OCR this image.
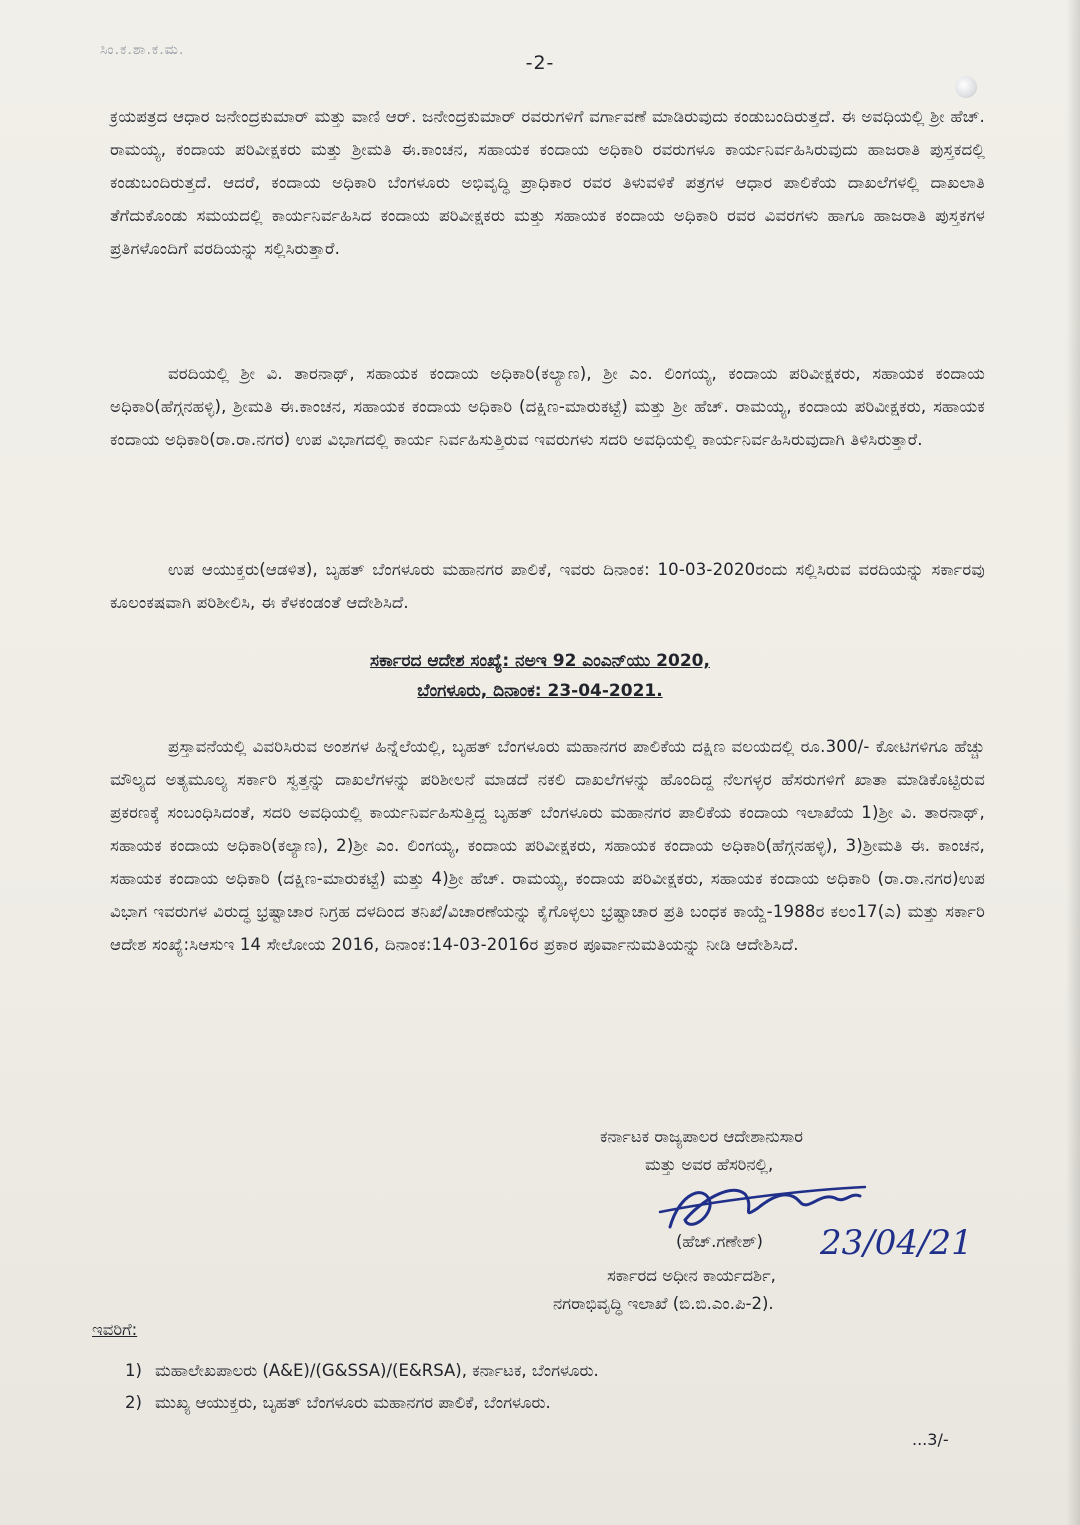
ಸಿಂ.ಕ.ಶಾ.ಕ.ಮ.
-2-

ಕ್ರಯಪತ್ರದ ಆಧಾರ ಜನೇಂದ್ರಕುಮಾರ್ ಮತ್ತು ವಾಣಿ ಆರ್. ಜನೇಂದ್ರಕುಮಾರ್ ರವರುಗಳಿಗೆ ವರ್ಗಾವಣೆ ಮಾಡಿರುವುದು ಕಂಡುಬಂದಿರುತ್ತದೆ. ಈ ಅವಧಿಯಲ್ಲಿ ಶ್ರೀ ಹೆಚ್. ರಾಮಯ್ಯ, ಕಂದಾಯ ಪರಿವೀಕ್ಷಕರು ಮತ್ತು ಶ್ರೀಮತಿ ಈ.ಕಾಂಚನ, ಸಹಾಯಕ ಕಂದಾಯ ಅಧಿಕಾರಿ ರವರುಗಳೂ ಕಾರ್ಯನಿರ್ವಹಿಸಿರುವುದು ಹಾಜರಾತಿ ಪುಸ್ತಕದಲ್ಲಿ ಕಂಡುಬಂದಿರುತ್ತದೆ. ಆದರೆ, ಕಂದಾಯ ಅಧಿಕಾರಿ ಬೆಂಗಳೂರು ಅಭಿವೃದ್ಧಿ ಪ್ರಾಧಿಕಾರ ರವರ ತಿಳುವಳಿಕೆ ಪತ್ರಗಳ ಆಧಾರ ಪಾಲಿಕೆಯ ದಾಖಲೆಗಳಲ್ಲಿ ದಾಖಲಾತಿ ತೆಗೆದುಕೊಂಡು ಸಮಯದಲ್ಲಿ ಕಾರ್ಯನಿರ್ವಹಿಸಿದ ಕಂದಾಯ ಪರಿವೀಕ್ಷಕರು ಮತ್ತು ಸಹಾಯಕ ಕಂದಾಯ ಅಧಿಕಾರಿ ರವರ ವಿವರಗಳು ಹಾಗೂ ಹಾಜರಾತಿ ಪುಸ್ತಕಗಳ ಪ್ರತಿಗಳೊಂದಿಗೆ ವರದಿಯನ್ನು ಸಲ್ಲಿಸಿರುತ್ತಾರೆ.

ವರದಿಯಲ್ಲಿ ಶ್ರೀ ವಿ. ತಾರನಾಥ್, ಸಹಾಯಕ ಕಂದಾಯ ಅಧಿಕಾರಿ(ಕಲ್ಯಾಣ), ಶ್ರೀ ಎಂ. ಲಿಂಗಯ್ಯ, ಕಂದಾಯ ಪರಿವೀಕ್ಷಕರು, ಸಹಾಯಕ ಕಂದಾಯ ಅಧಿಕಾರಿ(ಹೆಗ್ಗನಹಳ್ಳಿ), ಶ್ರೀಮತಿ ಈ.ಕಾಂಚನ, ಸಹಾಯಕ ಕಂದಾಯ ಅಧಿಕಾರಿ (ದಕ್ಷಿಣ-ಮಾರುಕಟ್ಟೆ) ಮತ್ತು ಶ್ರೀ ಹೆಚ್. ರಾಮಯ್ಯ, ಕಂದಾಯ ಪರಿವೀಕ್ಷಕರು, ಸಹಾಯಕ ಕಂದಾಯ ಅಧಿಕಾರಿ(ರಾ.ರಾ.ನಗರ) ಉಪ ವಿಭಾಗದಲ್ಲಿ ಕಾರ್ಯ ನಿರ್ವಹಿಸುತ್ತಿರುವ ಇವರುಗಳು ಸದರಿ ಅವಧಿಯಲ್ಲಿ ಕಾರ್ಯನಿರ್ವಹಿಸಿರುವುದಾಗಿ ತಿಳಿಸಿರುತ್ತಾರೆ.

ಉಪ ಆಯುಕ್ತರು(ಆಡಳಿತ), ಬೃಹತ್ ಬೆಂಗಳೂರು ಮಹಾನಗರ ಪಾಲಿಕೆ, ಇವರು ದಿನಾಂಕ: 10-03-2020ರಂದು ಸಲ್ಲಿಸಿರುವ ವರದಿಯನ್ನು ಸರ್ಕಾರವು ಕೂಲಂಕಷವಾಗಿ ಪರಿಶೀಲಿಸಿ, ಈ ಕೆಳಕಂಡಂತೆ ಆದೇಶಿಸಿದೆ.

ಸರ್ಕಾರದ ಆದೇಶ ಸಂಖ್ಯೆ: ನಅಇ 92 ಎಂಎನ್‌ಯು 2020,
ಬೆಂಗಳೂರು, ದಿನಾಂಕ: 23-04-2021.

ಪ್ರಸ್ತಾವನೆಯಲ್ಲಿ ವಿವರಿಸಿರುವ ಅಂಶಗಳ ಹಿನ್ನೆಲೆಯಲ್ಲಿ, ಬೃಹತ್ ಬೆಂಗಳೂರು ಮಹಾನಗರ ಪಾಲಿಕೆಯ ದಕ್ಷಿಣ ವಲಯದಲ್ಲಿ ರೂ.300/- ಕೋಟಿಗಳಿಗೂ ಹೆಚ್ಚು ಮೌಲ್ಯದ ಅತ್ಯಮೂಲ್ಯ ಸರ್ಕಾರಿ ಸ್ವತ್ತನ್ನು ದಾಖಲೆಗಳನ್ನು ಪರಿಶೀಲನೆ ಮಾಡದೆ ನಕಲಿ ದಾಖಲೆಗಳನ್ನು ಹೊಂದಿದ್ದ ನೆಲಗಳ್ಳರ ಹೆಸರುಗಳಿಗೆ ಖಾತಾ ಮಾಡಿಕೊಟ್ಟಿರುವ ಪ್ರಕರಣಕ್ಕೆ ಸಂಬಂಧಿಸಿದಂತೆ, ಸದರಿ ಅವಧಿಯಲ್ಲಿ ಕಾರ್ಯನಿರ್ವಹಿಸುತ್ತಿದ್ದ ಬೃಹತ್ ಬೆಂಗಳೂರು ಮಹಾನಗರ ಪಾಲಿಕೆಯ ಕಂದಾಯ ಇಲಾಖೆಯ 1)ಶ್ರೀ ವಿ. ತಾರನಾಥ್, ಸಹಾಯಕ ಕಂದಾಯ ಅಧಿಕಾರಿ(ಕಲ್ಯಾಣ), 2)ಶ್ರೀ ಎಂ. ಲಿಂಗಯ್ಯ, ಕಂದಾಯ ಪರಿವೀಕ್ಷಕರು, ಸಹಾಯಕ ಕಂದಾಯ ಅಧಿಕಾರಿ(ಹೆಗ್ಗನಹಳ್ಳಿ), 3)ಶ್ರೀಮತಿ ಈ. ಕಾಂಚನ, ಸಹಾಯಕ ಕಂದಾಯ ಅಧಿಕಾರಿ (ದಕ್ಷಿಣ-ಮಾರುಕಟ್ಟೆ) ಮತ್ತು 4)ಶ್ರೀ ಹೆಚ್. ರಾಮಯ್ಯ, ಕಂದಾಯ ಪರಿವೀಕ್ಷಕರು, ಸಹಾಯಕ ಕಂದಾಯ ಅಧಿಕಾರಿ (ರಾ.ರಾ.ನಗರ)ಉಪ ವಿಭಾಗ ಇವರುಗಳ ವಿರುದ್ಧ ಭ್ರಷ್ಟಾಚಾರ ನಿಗ್ರಹ ದಳದಿಂದ ತನಿಖೆ/ವಿಚಾರಣೆಯನ್ನು ಕೈಗೊಳ್ಳಲು ಭ್ರಷ್ಟಾಚಾರ ಪ್ರತಿ ಬಂಧಕ ಕಾಯ್ದೆ-1988ರ ಕಲಂ17(ಎ) ಮತ್ತು ಸರ್ಕಾರಿ ಆದೇಶ ಸಂಖ್ಯೆ:ಸಿಆಸುಇ 14 ಸೇಲೋಯ 2016, ದಿನಾಂಕ:14-03-2016ರ ಪ್ರಕಾರ ಪೂರ್ವಾನುಮತಿಯನ್ನು ನೀಡಿ ಆದೇಶಿಸಿದೆ.

ಕರ್ನಾಟಕ ರಾಜ್ಯಪಾಲರ ಆದೇಶಾನುಸಾರ
ಮತ್ತು ಅವರ ಹೆಸರಿನಲ್ಲಿ,
23/04/21
(ಹೆಚ್.ಗಣೇಶ್)
ಸರ್ಕಾರದ ಅಧೀನ ಕಾರ್ಯದರ್ಶಿ,
ನಗರಾಭಿವೃದ್ಧಿ ಇಲಾಖೆ (ಬಿ.ಬಿ.ಎಂ.ಪಿ-2).
ಇವರಿಗೆ:
1) ಮಹಾಲೇಖಪಾಲರು (A&E)/(G&SSA)/(E&RSA), ಕರ್ನಾಟಕ, ಬೆಂಗಳೂರು.
2) ಮುಖ್ಯ ಆಯುಕ್ತರು, ಬೃಹತ್ ಬೆಂಗಳೂರು ಮಹಾನಗರ ಪಾಲಿಕೆ, ಬೆಂಗಳೂರು.
...3/-
